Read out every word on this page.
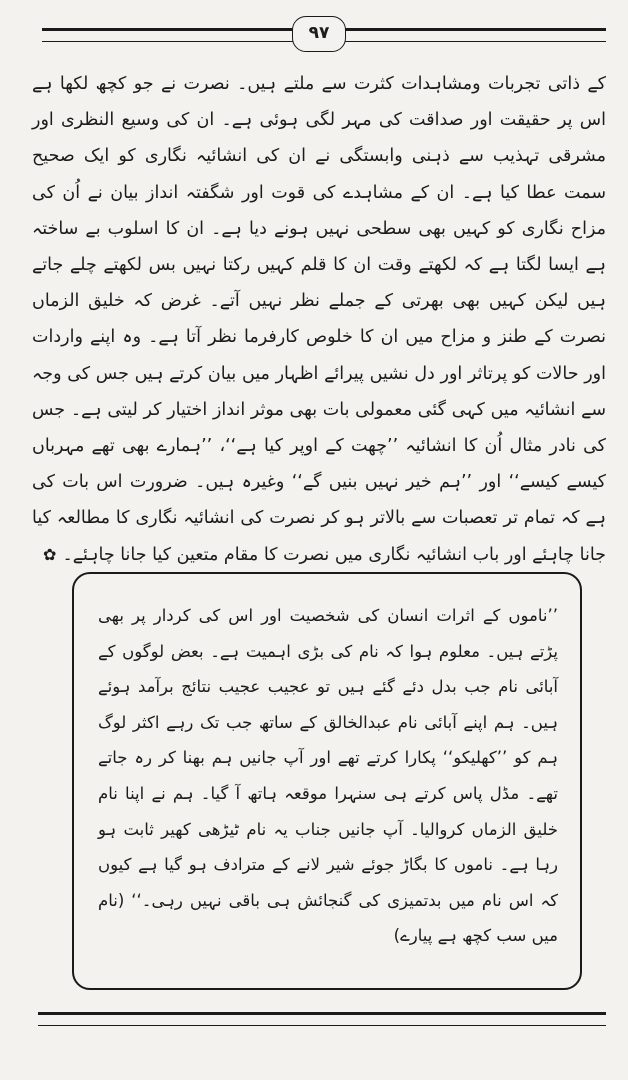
۹۷
کے ذاتی تجربات ومشاہدات کثرت سے ملتے ہیں۔ نصرت نے جو کچھ لکھا ہے اس پر حقیقت اور صداقت کی مہر لگی ہوئی ہے۔ ان کی وسیع النظری اور مشرقی تہذیب سے ذہنی وابستگی نے ان کی انشائیہ نگاری کو ایک صحیح سمت عطا کیا ہے۔ ان کے مشاہدے کی قوت اور شگفتہ انداز بیان نے اُن کی مزاح نگاری کو کہیں بھی سطحی نہیں ہونے دیا ہے۔ ان کا اسلوب بے ساختہ ہے ایسا لگتا ہے کہ لکھتے وقت ان کا قلم کہیں رکتا نہیں بس لکھتے چلے جاتے ہیں لیکن کہیں بھی بھرتی کے جملے نظر نہیں آتے۔ غرض کہ خلیق الزماں نصرت کے طنز و مزاح میں ان کا خلوص کارفرما نظر آتا ہے۔ وہ اپنے واردات اور حالات کو پرتاثر اور دل نشیں پیرائے اظہار میں بیان کرتے ہیں جس کی وجہ سے انشائیہ میں کہی گئی معمولی بات بھی موثر انداز اختیار کر لیتی ہے۔ جس کی نادر مثال اُن کا انشائیہ ’’چھت کے اوپر کیا ہے‘‘، ’’ہمارے بھی تھے مہرباں کیسے کیسے‘‘ اور ’’ہم خیر نہیں بنیں گے‘‘ وغیرہ ہیں۔ ضرورت اس بات کی ہے کہ تمام تر تعصبات سے بالاتر ہو کر نصرت کی انشائیہ نگاری کا مطالعہ کیا جانا چاہئے اور باب انشائیہ نگاری میں نصرت کا مقام متعین کیا جانا چاہئے۔✿
’’ناموں کے اثرات انسان کی شخصیت اور اس کی کردار پر بھی پڑتے ہیں۔ معلوم ہوا کہ نام کی بڑی اہمیت ہے۔ بعض لوگوں کے آبائی نام جب بدل دئے گئے ہیں تو عجیب عجیب نتائج برآمد ہوئے ہیں۔ ہم اپنے آبائی نام عبدالخالق کے ساتھ جب تک رہے اکثر لوگ ہم کو ’’کھلیکو‘‘ پکارا کرتے تھے اور آپ جانیں ہم بھنا کر رہ جاتے تھے۔ مڈل پاس کرتے ہی سنہرا موقعہ ہاتھ آ گیا۔ ہم نے اپنا نام خلیق الزماں کروالیا۔ آپ جانیں جناب یہ نام ٹیڑھی کھیر ثابت ہو رہا ہے۔ ناموں کا بگاڑ جوئے شیر لانے کے مترادف ہو گیا ہے کیوں کہ اس نام میں بدتمیزی کی گنجائش ہی باقی نہیں رہی۔‘‘ (نام میں سب کچھ ہے پیارے)
